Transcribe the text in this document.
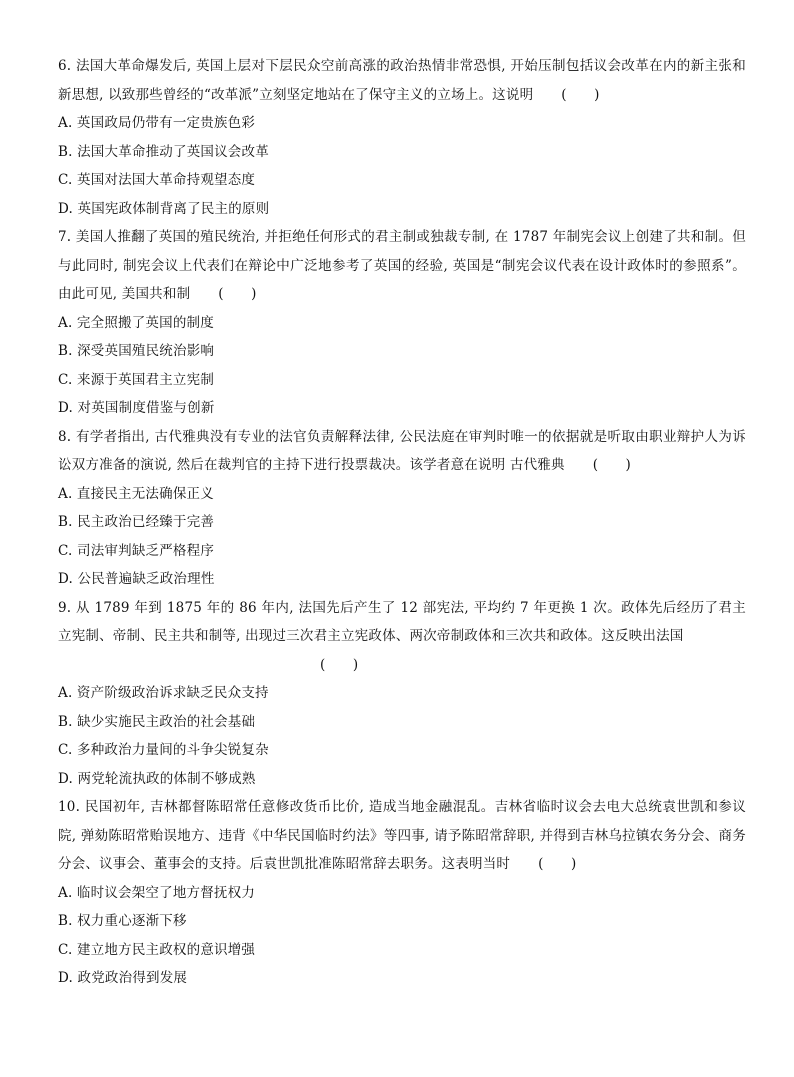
6. 法国大革命爆发后, 英国上层对下层民众空前高涨的政治热情非常恐惧, 开始压制包括议会改革在内的新主张和新思想, 以致那些曾经的“改革派”立刻坚定地站在了保守主义的立场上。这说明 (　　)

A. 英国政局仍带有一定贵族色彩

B. 法国大革命推动了英国议会改革

C. 英国对法国大革命持观望态度

D. 英国宪政体制背离了民主的原则

7. 美国人推翻了英国的殖民统治, 并拒绝任何形式的君主制或独裁专制, 在 1787 年制宪会议上创建了共和制。但与此同时, 制宪会议上代表们在辩论中广泛地参考了英国的经验, 英国是“制宪会议代表在设计政体时的参照系”。由此可见, 美国共和制 (　　)

A. 完全照搬了英国的制度

B. 深受英国殖民统治影响

C. 来源于英国君主立宪制

D. 对英国制度借鉴与创新

8. 有学者指出, 古代雅典没有专业的法官负责解释法律, 公民法庭在审判时唯一的依据就是听取由职业辩护人为诉讼双方准备的演说, 然后在裁判官的主持下进行投票裁决。该学者意在说明 古代雅典 (　　)

A. 直接民主无法确保正义

B. 民主政治已经臻于完善

C. 司法审判缺乏严格程序

D. 公民普遍缺乏政治理性

9. 从 1789 年到 1875 年的 86 年内, 法国先后产生了 12 部宪法, 平均约 7 年更换 1 次。政体先后经历了君主立宪制、帝制、民主共和制等, 出现过三次君主立宪政体、两次帝制政体和三次共和政体。这反映出法国
(　　)

A. 资产阶级政治诉求缺乏民众支持

B. 缺少实施民主政治的社会基础

C. 多种政治力量间的斗争尖锐复杂

D. 两党轮流执政的体制不够成熟

10. 民国初年, 吉林都督陈昭常任意修改货币比价, 造成当地金融混乱。吉林省临时议会去电大总统袁世凯和参议院, 弹劾陈昭常贻误地方、违背《中华民国临时约法》等四事, 请予陈昭常辞职, 并得到吉林乌拉镇农务分会、商务分会、议事会、董事会的支持。后袁世凯批准陈昭常辞去职务。这表明当时 (　　)

A. 临时议会架空了地方督抚权力

B. 权力重心逐渐下移

C. 建立地方民主政权的意识增强

D. 政党政治得到发展
